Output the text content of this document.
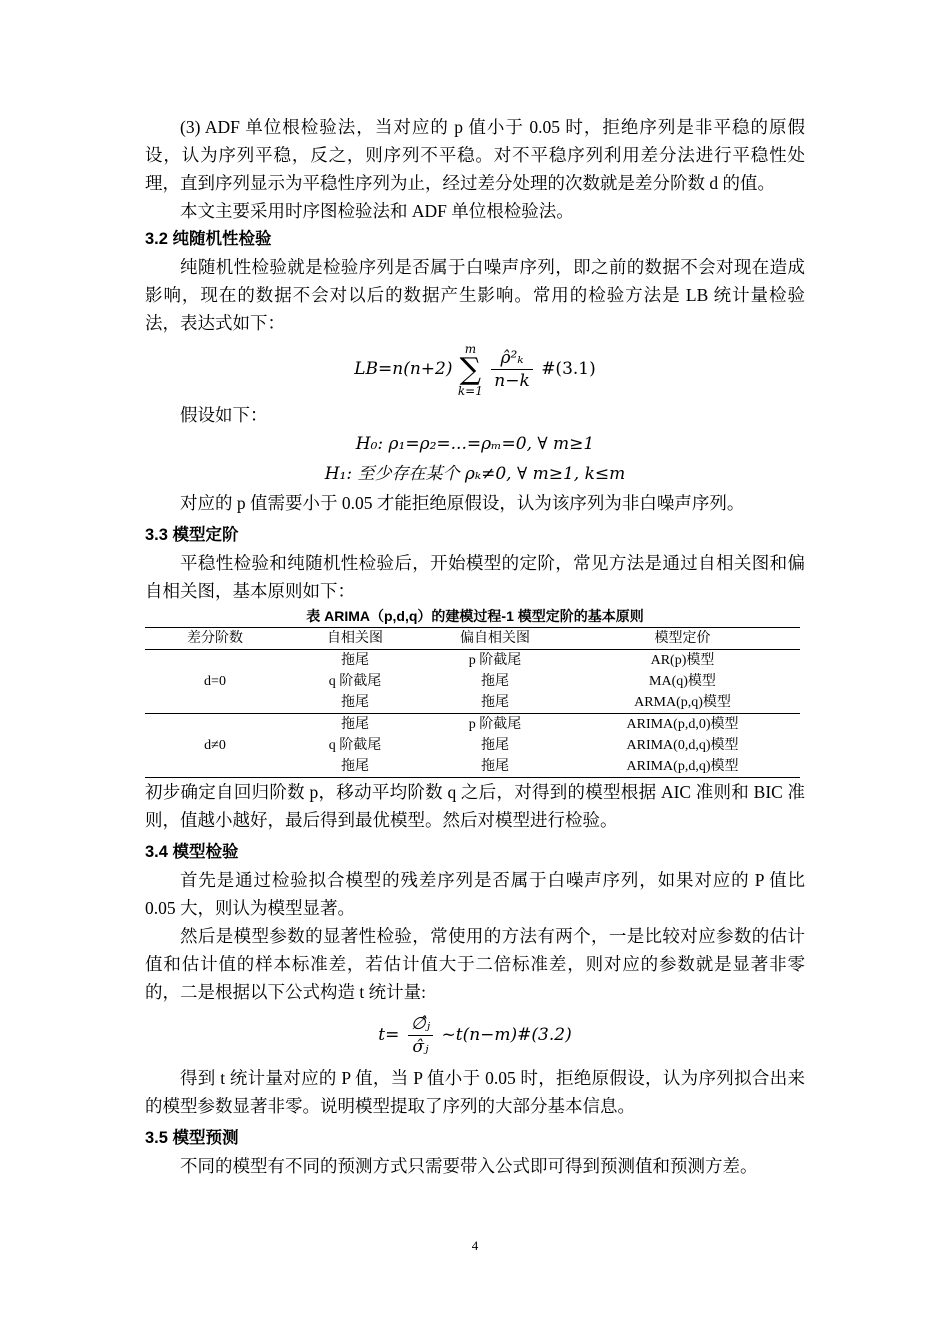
(3) ADF 单位根检验法，当对应的 p 值小于 0.05 时，拒绝序列是非平稳的原假设，认为序列平稳，反之，则序列不平稳。对不平稳序列利用差分法进行平稳性处理，直到序列显示为平稳性序列为止，经过差分处理的次数就是差分阶数 d 的值。

本文主要采用时序图检验法和 ADF 单位根检验法。

3.2 纯随机性检验

纯随机性检验就是检验序列是否属于白噪声序列，即之前的数据不会对现在造成影响，现在的数据不会对以后的数据产生影响。常用的检验方法是 LB 统计量检验法，表达式如下：

LB=n(n+2) m
∑
$k=1 \frac{\text{ρ̂²ₖ}}{n-k}$ #(3.1)

假设如下：

H₀: ρ₁=ρ₂=...=ρₘ=0, ∀ m≥1
H₁: 至少存在某个 ρₖ≠0, ∀ m≥1, k≤m

对应的 p 值需要小于 0.05 才能拒绝原假设，认为该序列为非白噪声序列。

3.3 模型定阶

平稳性检验和纯随机性检验后，开始模型的定阶，常见方法是通过自相关图和偏自相关图，基本原则如下：

表 ARIMA（p,d,q）的建模过程-1 模型定阶的基本原则

差分阶数	自相关图	偏自相关图	模型定价
d=0	拖尾	p 阶截尾	AR(p)模型
	q 阶截尾	拖尾	MA(q)模型
	拖尾	拖尾	ARMA(p,q)模型
d≠0	拖尾	p 阶截尾	ARIMA(p,d,0)模型
	q 阶截尾	拖尾	ARIMA(0,d,q)模型
	拖尾	拖尾	ARIMA(p,d,q)模型

初步确定自回归阶数 p，移动平均阶数 q 之后，对得到的模型根据 AIC 准则和 BIC 准则，值越小越好，最后得到最优模型。然后对模型进行检验。

3.4 模型检验

首先是通过检验拟合模型的残差序列是否属于白噪声序列，如果对应的 P 值比 0.05 大，则认为模型显著。

然后是模型参数的显著性检验，常使用的方法有两个，一是比较对应参数的估计值和估计值的样本标准差，若估计值大于二倍标准差，则对应的参数就是显著非零的，二是根据以下公式构造 t 统计量:

$t= \frac{\text{∅̂ⱼ}}{\text{σ̂ⱼ}}$ ~t(n−m)#(3.2)

得到 t 统计量对应的 P 值，当 P 值小于 0.05 时，拒绝原假设，认为序列拟合出来的模型参数显著非零。说明模型提取了序列的大部分基本信息。

3.5 模型预测

不同的模型有不同的预测方式只需要带入公式即可得到预测值和预测方差。

4
